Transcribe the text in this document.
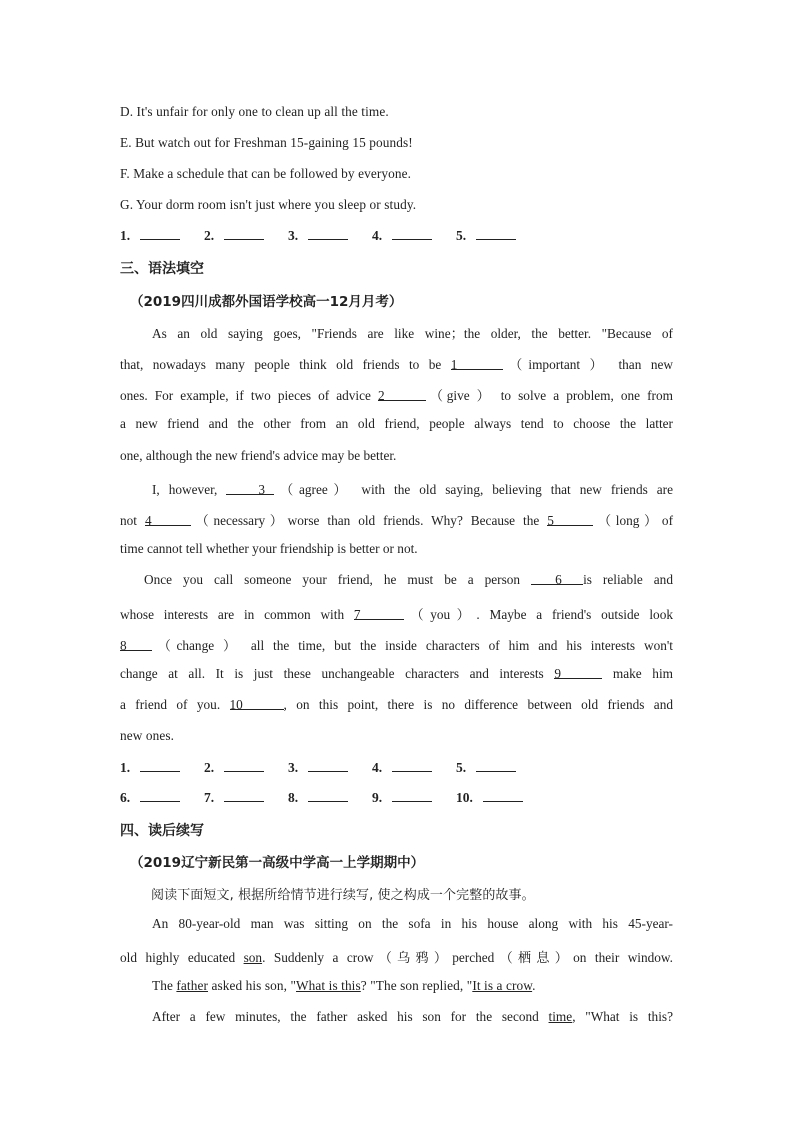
D. It's unfair for only one to clean up all the time.
E. But watch out for Freshman 15-gaining 15 pounds!
F. Make a schedule that can be followed by everyone.
G. Your dorm room isn't just where you sleep or study.
1.	2.	3.	4.	5.
三、语法填空
（2019四川成都外国语学校高一12月月考）
As an old saying goes, "Friends are like wine；the older, the better. "Because of
that, nowadays many people think old friends to be 1	（important ） than new
ones. For example, if two pieces of advice 2	（give ） to solve a problem, one from
a new friend and the other from an old friend, people always tend to choose the latter
one, although the new friend's advice may be better.
I, however, 3 （agree） with the old saying, believing that new friends are
not 4	（necessary）worse than old friends. Why? Because the 5	（long）of
time cannot tell whether your friendship is better or not.
Once you call someone your friend, he must be a person 6 is reliable and
whose interests are in common with 7	（you）. Maybe a friend's outside look
8 （change ） all the time, but the inside characters of him and his interests won't
change at all. It is just these unchangeable characters and interests 9	make him
a friend of you. 10	, on this point, there is no difference between old friends and
new ones.
1.	2.	3.	4.	5.
6.	7.	8.	9.	10.
四、读后续写
（2019辽宁新民第一高级中学高一上学期期中）
阅读下面短文, 根据所给情节进行续写, 使之构成一个完整的故事。
An 80-year-old man was sitting on the sofa in his house along with his 45-year-
old highly educated son. Suddenly a crow（乌鸦）perched（栖息）on their window.
The father asked his son, "What is this? "The son replied, "It is a crow.
After a few minutes, the father asked his son for the second time, "What is this?
